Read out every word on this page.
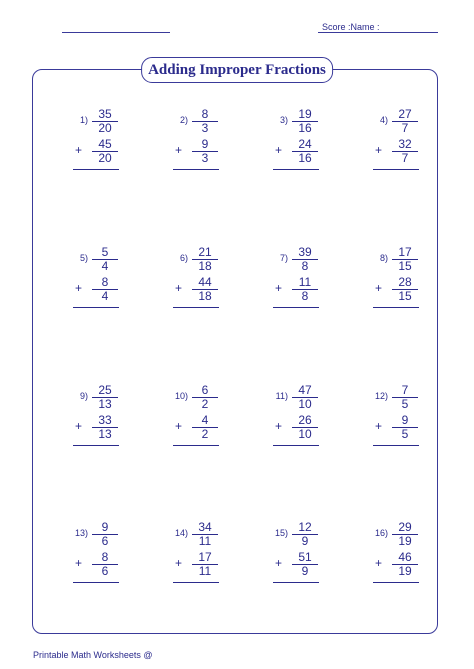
Score :Name :
Adding Improper Fractions
$1) \frac{35}{20}$
+ $\frac{45}{20}$
$2) \frac{8}{3}$
+ $\frac{9}{3}$
$3) \frac{19}{16}$
+ $\frac{24}{16}$
$4) \frac{27}{7}$
+ $\frac{32}{7}$
$5) \frac{5}{4}$
+ $\frac{8}{4}$
$6) \frac{21}{18}$
+ $\frac{44}{18}$
$7) \frac{39}{8}$
+ $\frac{11}{8}$
$8) \frac{17}{15}$
+ $\frac{28}{15}$
$9) \frac{25}{13}$
+ $\frac{33}{13}$
$10) \frac{6}{2}$
+ $\frac{4}{2}$
$11) \frac{47}{10}$
+ $\frac{26}{10}$
$12) \frac{7}{5}$
+ $\frac{9}{5}$
$13) \frac{9}{6}$
+ $\frac{8}{6}$
$14) \frac{34}{11}$
+ $\frac{17}{11}$
$15) \frac{12}{9}$
+ $\frac{51}{9}$
$16) \frac{29}{19}$
+ $\frac{46}{19}$
Printable Math Worksheets @
